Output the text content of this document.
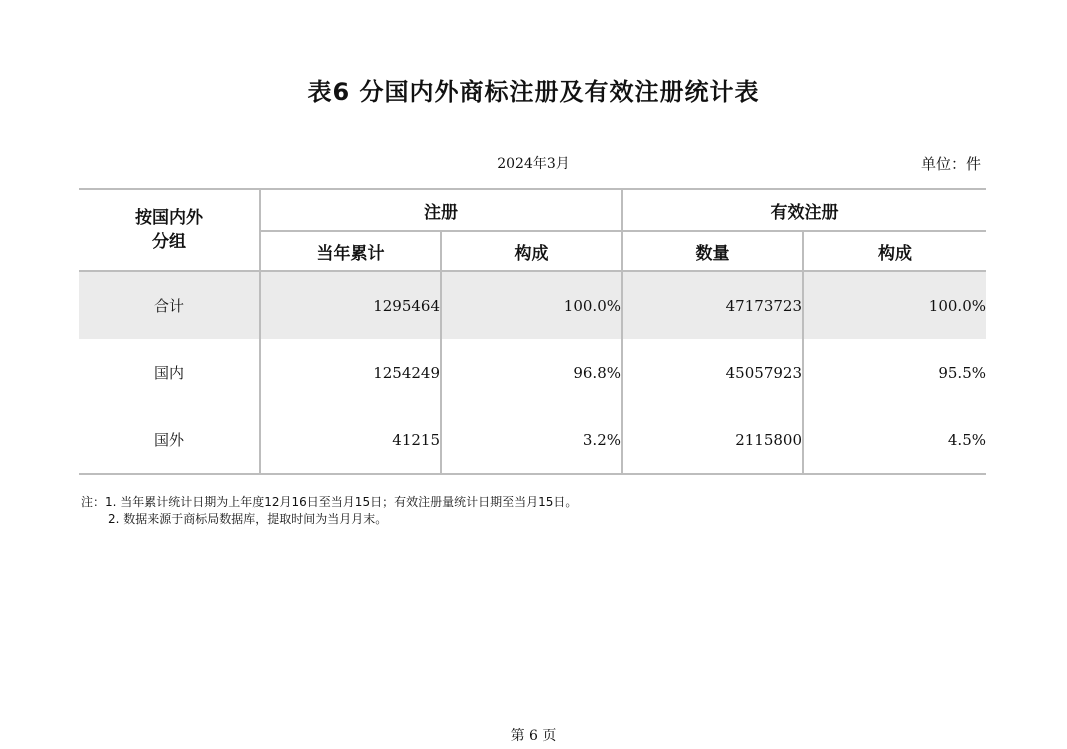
表6 分国内外商标注册及有效注册统计表
2024年3月	单位：件
按国内外分组	注册		有效注册	
	当年累计	构成	数量	构成
合计	1295464	100.0%	47173723	100.0%
国内	1254249	96.8%	45057923	95.5%
国外	41215	3.2%	2115800	4.5%
注：1. 当年累计统计日期为上年度12月16日至当月15日；有效注册量统计日期至当月15日。
2. 数据来源于商标局数据库，提取时间为当月月末。
第 6 页
